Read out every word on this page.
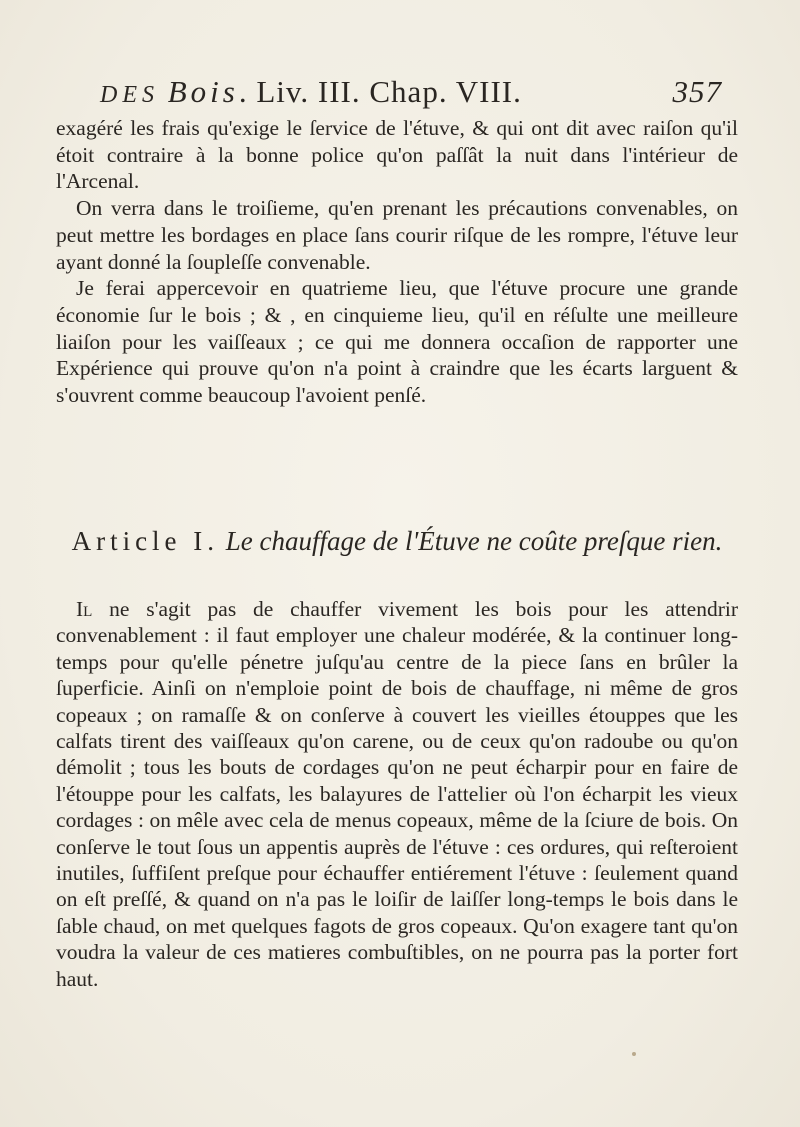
DES Bois. Liv. III. Chap. VIII.	357

exagéré les frais qu'exige le ſervice de l'étuve, & qui ont dit avec raiſon qu'il étoit contraire à la bonne police qu'on paſſât la nuit dans l'intérieur de l'Arcenal.

On verra dans le troiſieme, qu'en prenant les précautions convenables, on peut mettre les bordages en place ſans courir riſque de les rompre, l'étuve leur ayant donné la ſoupleſſe convenable.

Je ferai appercevoir en quatrieme lieu, que l'étuve procure une grande économie ſur le bois ; & , en cinquieme lieu, qu'il en réſulte une meilleure liaiſon pour les vaiſſeaux ; ce qui me donnera occaſion de rapporter une Expérience qui prouve qu'on n'a point à craindre que les écarts larguent & s'ouvrent comme beaucoup l'avoient penſé.

Article I. Le chauffage de l'Étuve ne coûte preſque rien.

Il ne s'agit pas de chauffer vivement les bois pour les attendrir convenablement : il faut employer une chaleur modérée, & la continuer long-temps pour qu'elle pénetre juſqu'au centre de la piece ſans en brûler la ſuperficie. Ainſi on n'emploie point de bois de chauffage, ni même de gros copeaux ; on ramaſſe & on conſerve à couvert les vieilles étouppes que les calfats tirent des vaiſſeaux qu'on carene, ou de ceux qu'on radoube ou qu'on démolit ; tous les bouts de cordages qu'on ne peut écharpir pour en faire de l'étouppe pour les calfats, les balayures de l'attelier où l'on écharpit les vieux cordages : on mêle avec cela de menus copeaux, même de la ſciure de bois. On conſerve le tout ſous un appentis auprès de l'étuve : ces ordures, qui reſteroient inutiles, ſuffiſent preſque pour échauffer entiérement l'étuve : ſeulement quand on eſt preſſé, & quand on n'a pas le loiſir de laiſſer long-temps le bois dans le ſable chaud, on met quelques fagots de gros copeaux. Qu'on exagere tant qu'on voudra la valeur de ces matieres combuſtibles, on ne pourra pas la porter fort haut.
